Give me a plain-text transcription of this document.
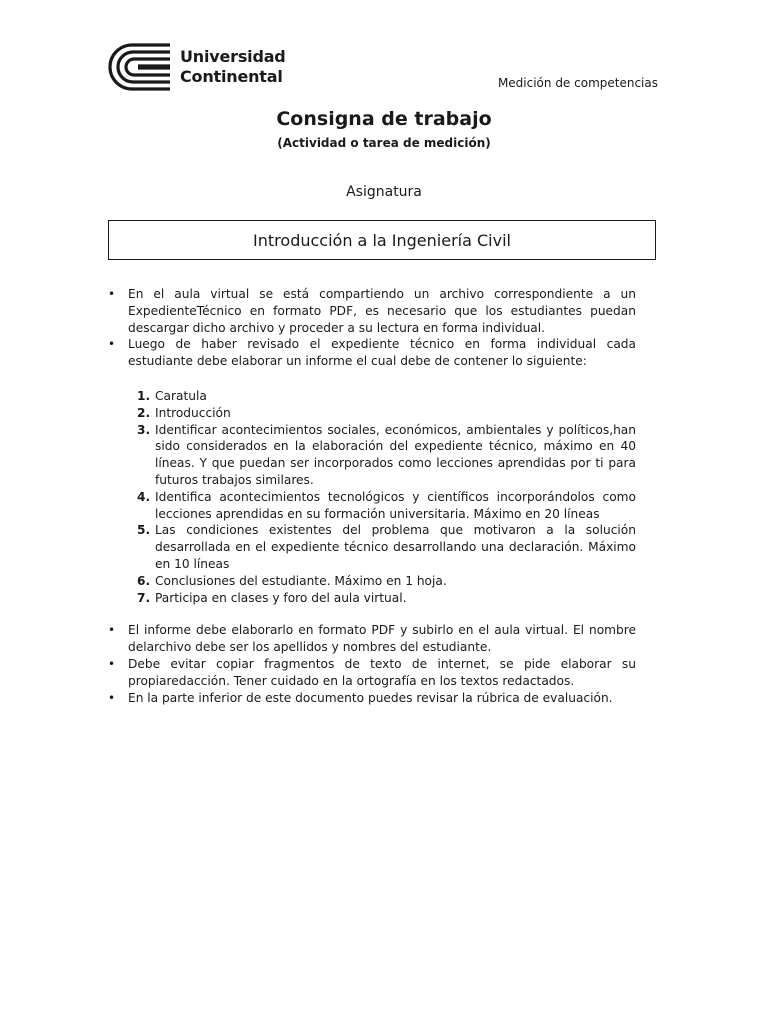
Universidad
Continental	Medición de competencias
Consigna de trabajo
(Actividad o tarea de medición)
Asignatura
Introducción a la Ingeniería Civil
• En el aula virtual se está compartiendo un archivo correspondiente a un ExpedienteTécnico en formato PDF, es necesario que los estudiantes puedan descargar dicho archivo y proceder a su lectura en forma individual.
• Luego de haber revisado el expediente técnico en forma individual cada estudiante debe elaborar un informe el cual debe de contener lo siguiente:
1. Caratula
2. Introducción
3. Identificar acontecimientos sociales, económicos, ambientales y políticos,han sido considerados en la elaboración del expediente técnico, máximo en 40 líneas. Y que puedan ser incorporados como lecciones aprendidas por ti para futuros trabajos similares.
4. Identifica acontecimientos tecnológicos y científicos incorporándolos como lecciones aprendidas en su formación universitaria. Máximo en 20 líneas
5. Las condiciones existentes del problema que motivaron a la solución desarrollada en el expediente técnico desarrollando una declaración. Máximo en 10 líneas
6. Conclusiones del estudiante. Máximo en 1 hoja.
7. Participa en clases y foro del aula virtual.
• El informe debe elaborarlo en formato PDF y subirlo en el aula virtual. El nombre delarchivo debe ser los apellidos y nombres del estudiante.
• Debe evitar copiar fragmentos de texto de internet, se pide elaborar su propiaredacción. Tener cuidado en la ortografía en los textos redactados.
• En la parte inferior de este documento puedes revisar la rúbrica de evaluación.
